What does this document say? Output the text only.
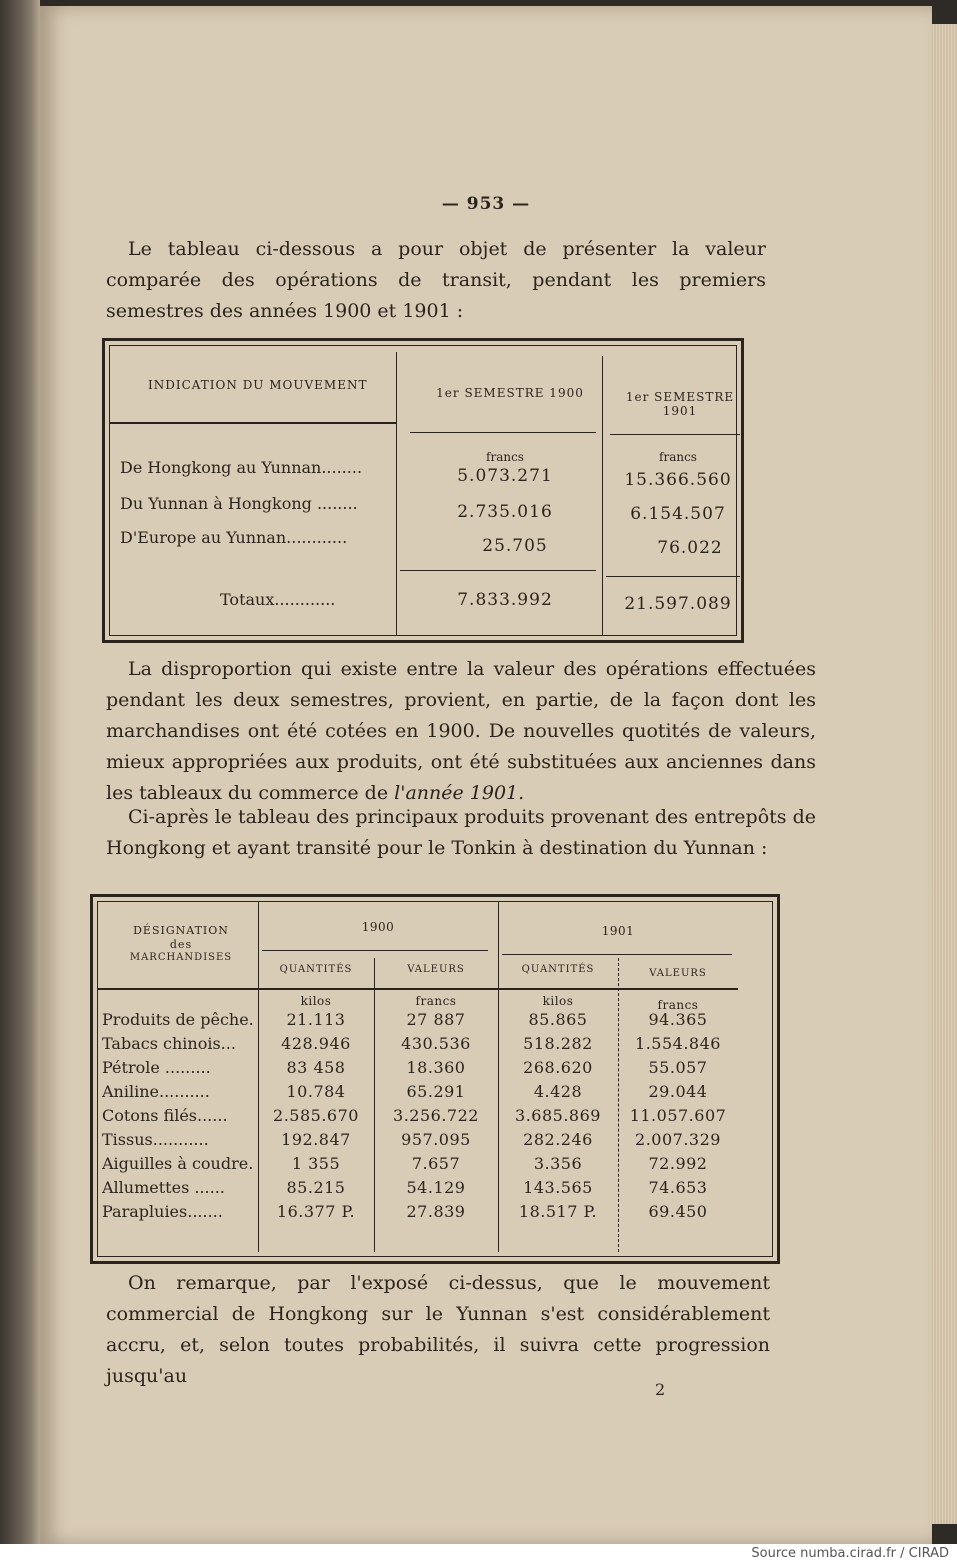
— 953 —

Le tableau ci-dessous a pour objet de présenter la valeur comparée des opérations de transit, pendant les premiers semestres des années 1900 et 1901 :

INDICATION DU MOUVEMENT
1er SEMESTRE 1900	1er SEMESTRE 1901
francs	francs
De Hongkong au Yunnan........	5.073.271	15.366.560
Du Yunnan à Hongkong ........	2.735.016	6.154.507
D'Europe au Yunnan............	25.705	76.022
Totaux............	7.833.992	21.597.089

La disproportion qui existe entre la valeur des opérations effectuées pendant les deux semestres, provient, en partie, de la façon dont les marchandises ont été cotées en 1900. De nouvelles quotités de valeurs, mieux appropriées aux produits, ont été substituées aux anciennes dans les tableaux du commerce de l'année 1901.

Ci-après le tableau des principaux produits provenant des entrepôts de Hongkong et ayant transité pour le Tonkin à destination du Yunnan :

DÉSIGNATION
des
MARCHANDISES
1900	1901
QUANTITÉS	VALEURS	QUANTITÉS	VALEURS
kilos	francs	kilos	francs
Produits de pêche.	21.113	27 887	85.865	94.365
Tabacs chinois...	428.946	430.536	518.282	1.554.846
Pétrole .........	83 458	18.360	268.620	55.057
Aniline..........	10.784	65.291	4.428	29.044
Cotons filés......	2.585.670	3.256.722	3.685.869	11.057.607
Tissus...........	192.847	957.095	282.246	2.007.329
Aiguilles à coudre.	1 355	7.657	3.356	72.992
Allumettes ......	85.215	54.129	143.565	74.653
Parapluies.......	16.377 P.	27.839	18.517 P.	69.450

On remarque, par l'exposé ci-dessus, que le mouvement commercial de Hongkong sur le Yunnan s'est considérablement accru, et, selon toutes probabilités, il suivra cette progression jusqu'au

2
Source numba.cirad.fr / CIRAD
